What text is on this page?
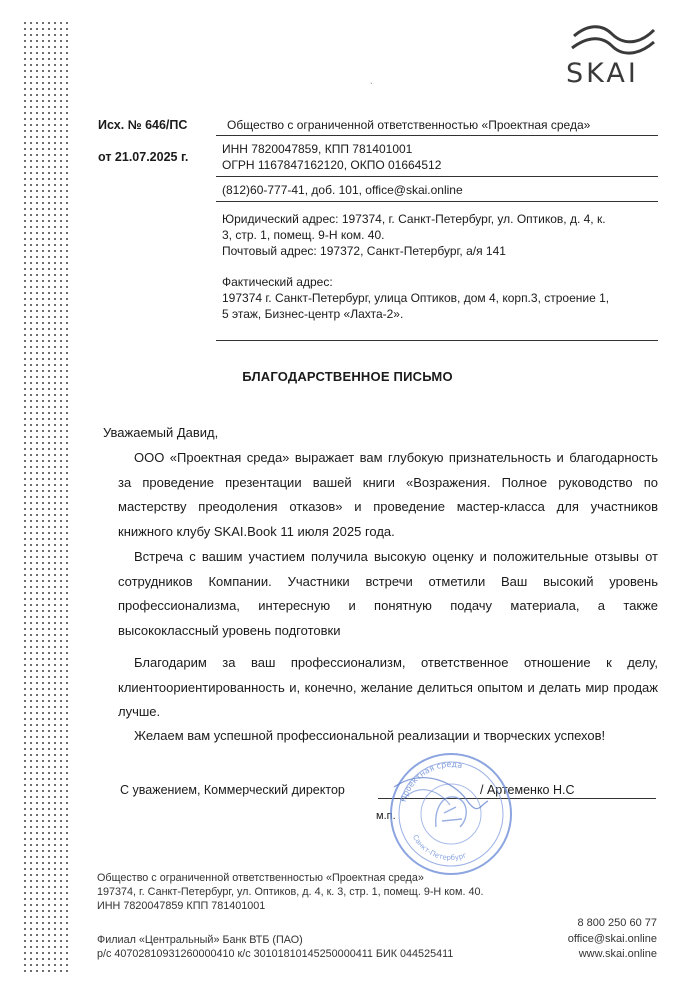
SKAI
ˎ
Исх. № 646/ПС
от 21.07.2025 г.
Общество с ограниченной ответственностью «Проектная среда»
ИНН 7820047859, КПП 781401001
ОГРН 1167847162120, ОКПО 01664512
(812)60-777-41, доб. 101, office@skai.online
Юридический адрес: 197374, г. Санкт-Петербург, ул. Оптиков, д. 4, к.
3, стр. 1, помещ. 9-Н ком. 40.
Почтовый адрес: 197372, Санкт-Петербург, а/я 141
Фактический адрес:
197374 г. Санкт-Петербург, улица Оптиков, дом 4, корп.3, строение 1,
5 этаж, Бизнес-центр «Лахта-2».
БЛАГОДАРСТВЕННОЕ ПИСЬМО
Уважаемый Давид,

ООО «Проектная среда» выражает вам глубокую признательность и благодарность за проведение презентации вашей книги «Возражения. Полное руководство по мастерству преодоления отказов» и проведение мастер-класса для участников книжного клубу SKAI.Book 11 июля 2025 года.

Встреча с вашим участием получила высокую оценку и положительные отзывы от сотрудников Компании. Участники встречи отметили Ваш высокий уровень профессионализма, интересную и понятную подачу материала, а также высококлассный уровень подготовки

Благодарим за ваш профессионализм, ответственное отношение к делу, клиентоориентированность и, конечно, желание делиться опытом и делать мир продаж лучше.

Желаем вам успешной профессиональной реализации и творческих успехов!

С уважением, Коммерческий директор	/ Артеменко Н.С
м.п.
Проектная среда
Санкт-Петербург
Общество с ограниченной ответственностью «Проектная среда»
197374, г. Санкт-Петербург, ул. Оптиков, д. 4, к. 3, стр. 1, помещ. 9-Н ком. 40.
ИНН 7820047859 КПП 781401001
Филиал «Центральный» Банк ВТБ (ПАО)
р/с 40702810931260000410 к/с 30101810145250000411 БИК 044525411
8 800 250 60 77
office@skai.online
www.skai.online
